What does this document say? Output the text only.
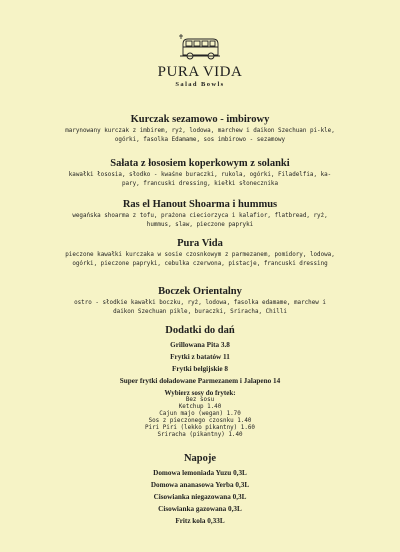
PURA VIDA
Salad Bowls
Kurczak sezamowo - imbirowy
marynowany kurczak z imbirem, ryż, lodowa, marchew i daikon Szechuan pi-kle, ogórki, fasolka Edamame, sos imbirowo - sezamowy
Sałata z łososiem koperkowym z solanki
kawałki łososia, słodko - kwaśne buraczki, rukola, ogórki, Filadelfia, ka-pary, francuski dressing, kiełki słonecznika
Ras el Hanout Shoarma i hummus
wegańska shoarma z tofu, prażona cieciorzyca i kalafior, flatbread, ryż, hummus, slaw, pieczone papryki
Pura Vida
pieczone kawałki kurczaka w sosie czosnkowym z parmezanem, pomidory, lodowa, ogórki, pieczone papryki, cebulka czerwona, pistacje, francuski dressing
Boczek Orientalny
ostro - słodkie kawałki boczku, ryż, lodowa, fasolka edamame, marchew i daikon Szechuan pikle, buraczki, Sriracha, Chilli
Dodatki do dań
Grillowana Pita 3.8
Frytki z batatów 11
Frytki belgijskie 8
Super frytki doładowane Parmezanem i Jalapeno 14
Wybierz sosy do frytek:
Bez sosu
Ketchup 1.40
Cajun majo (wegan) 1.70
Sos z pieczonego czosnku 1.40
Piri Piri (lekko pikantny) 1.60
Sriracha (pikantny) 1.40
Napoje
Domowa lemoniada Yuzu 0,3L
Domowa ananasowa Yerba 0,3L
Cisowianka niegazowana 0,3L
Cisowianka gazowana 0,3L
Fritz kola 0,33L
